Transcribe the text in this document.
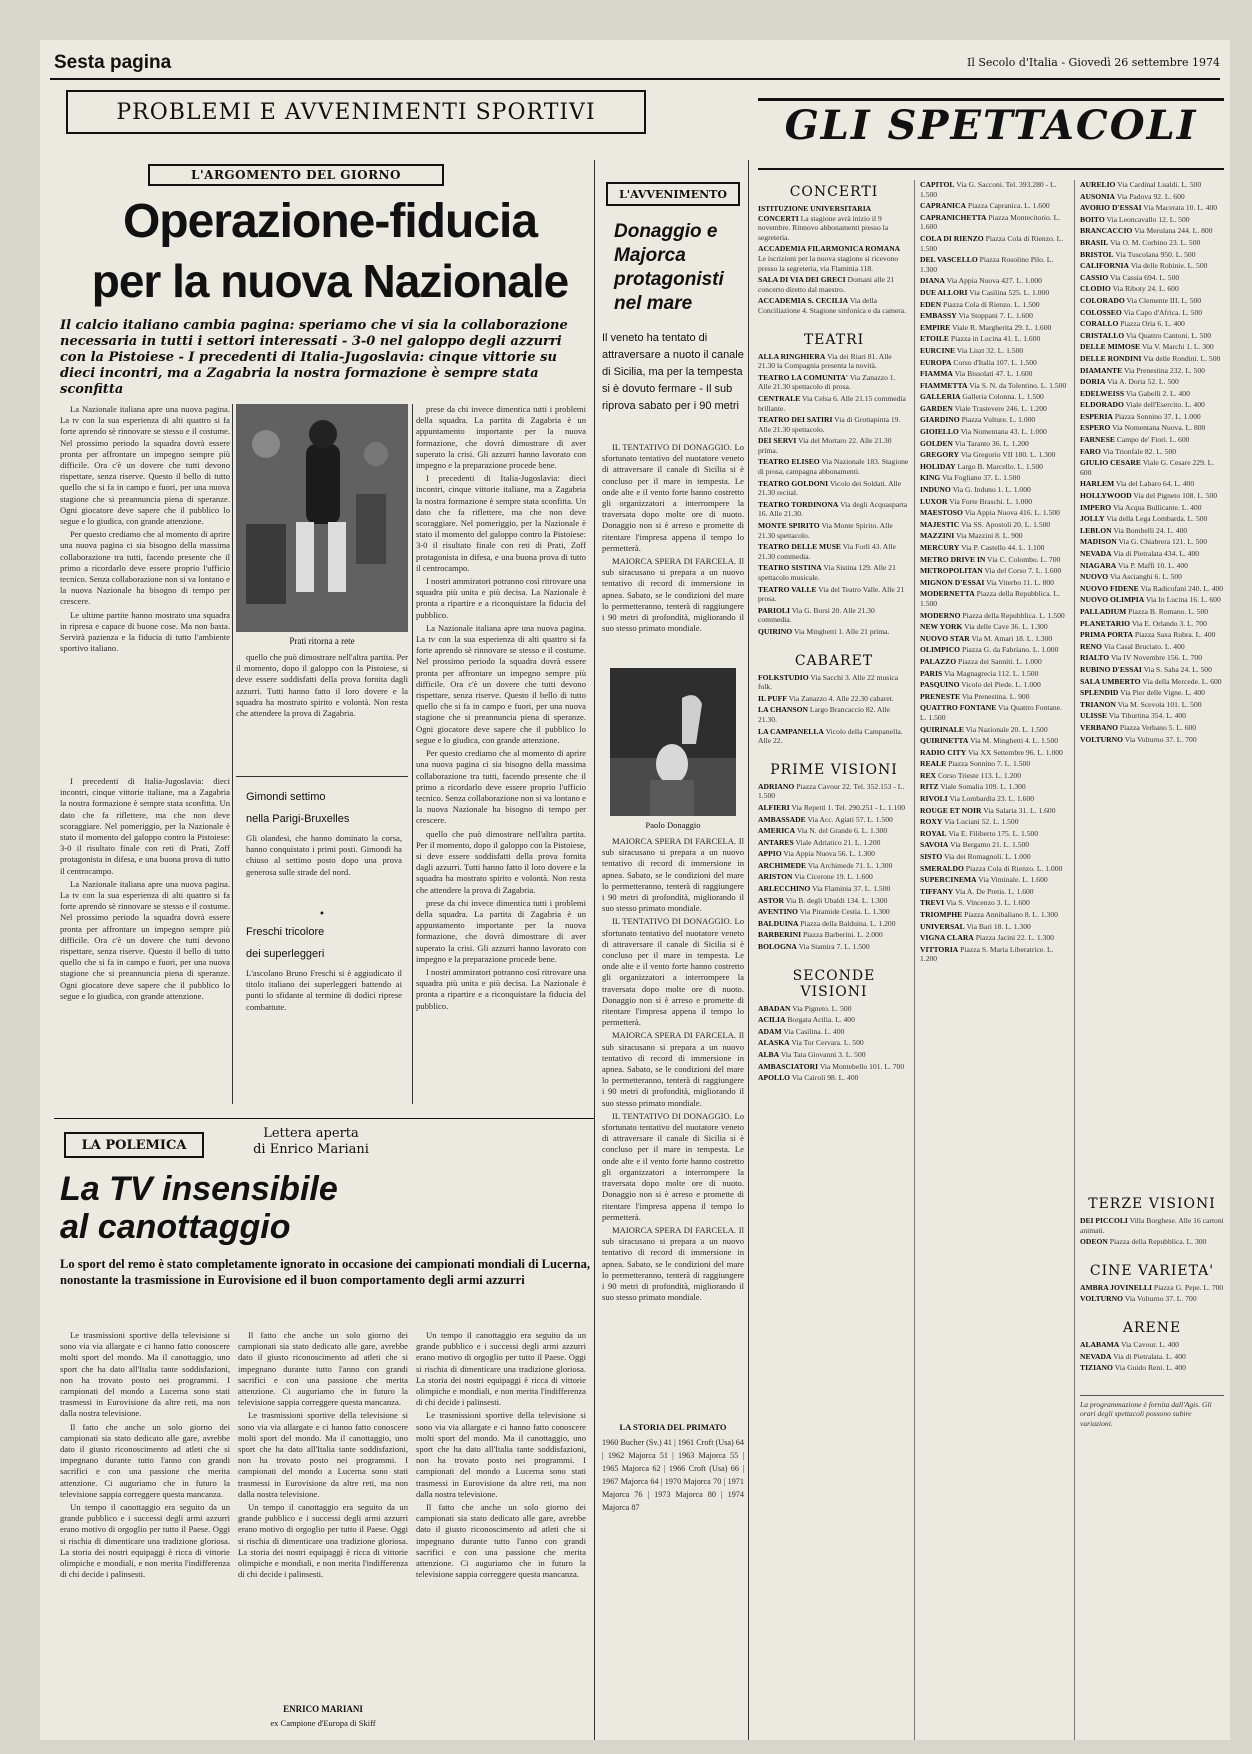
Sesta pagina	Il Secolo d'Italia - Giovedì 26 settembre 1974
PROBLEMI E AVVENIMENTI SPORTIVI
L'ARGOMENTO DEL GIORNO
Operazione-fiducia
per la nuova Nazionale
Il calcio italiano cambia pagina: speriamo che vi sia la collaborazione necessaria in tutti i settori interessati - 3-0 nel galoppo degli azzurri con la Pistoiese - I precedenti di Italia-Jugoslavia: cinque vittorie su dieci incontri, ma a Zagabria la nostra formazione è sempre stata sconfitta

La Nazionale italiana apre una nuova pagina. La tv con la sua esperienza di alti quattro si fa forte aprendo sè rinnovare se stesso e il costume. Nel prossimo periodo la squadra dovrà essere pronta per affrontare un impegno sempre più difficile. Ora c'è un dovere che tutti devono rispettare, senza riserve. Questo il bello di tutto quello che si fa in campo e fuori, per una nuova stagione che si preannuncia piena di speranze. Ogni giocatore deve sapere che il pubblico lo segue e lo giudica, con grande attenzione.

Per questo crediamo che al momento di aprire una nuova pagina ci sia bisogno della massima collaborazione tra tutti, facendo presente che il primo a ricordarlo deve essere proprio l'ufficio tecnico. Senza collaborazione non si va lontano e la nuova Nazionale ha bisogno di tempo per crescere.

Le ultime partite hanno mostrato una squadra in ripresa e capace di buone cose. Ma non basta. Servirà pazienza e la fiducia di tutto l'ambiente sportivo italiano.

I precedenti di Italia-Jugoslavia: dieci incontri, cinque vittorie italiane, ma a Zagabria la nostra formazione è sempre stata sconfitta. Un dato che fa riflettere, ma che non deve scoraggiare. Nel pomeriggio, per la Nazionale è stato il momento del galoppo contro la Pistoiese: 3-0 il risultato finale con reti di Prati, Zoff protagonista in difesa, e una buona prova di tutto il centrocampo.

La Nazionale italiana apre una nuova pagina. La tv con la sua esperienza di alti quattro si fa forte aprendo sè rinnovare se stesso e il costume. Nel prossimo periodo la squadra dovrà essere pronta per affrontare un impegno sempre più difficile. Ora c'è un dovere che tutti devono rispettare, senza riserve. Questo il bello di tutto quello che si fa in campo e fuori, per una nuova stagione che si preannuncia piena di speranze. Ogni giocatore deve sapere che il pubblico lo segue e lo giudica, con grande attenzione.

Prati ritorna a rete

quello che può dimostrare nell'altra partita. Per il momento, dopo il galoppo con la Pistoiese, si deve essere soddisfatti della prova fornita dagli azzurri. Tutti hanno fatto il loro dovere e la squadra ha mostrato spirito e volontà. Non resta che attendere la prova di Zagabria.

Gimondi settimo
nella Parigi-Bruxelles
Gli olandesi, che hanno dominato la corsa, hanno conquistato i primi posti. Gimondi ha chiuso al settimo posto dopo una prova generosa sulle strade del nord.
•
Freschi tricolore
dei superleggeri
L'ascolano Bruno Freschi si è aggiudicato il titolo italiano dei superleggeri battendo ai punti lo sfidante al termine di dodici riprese combattute.

prese da chi invece dimentica tutti i problemi della squadra. La partita di Zagabria è un appuntamento importante per la nuova formazione, che dovrà dimostrare di aver superato la crisi. Gli azzurri hanno lavorato con impegno e la preparazione procede bene.

I precedenti di Italia-Jugoslavia: dieci incontri, cinque vittorie italiane, ma a Zagabria la nostra formazione è sempre stata sconfitta. Un dato che fa riflettere, ma che non deve scoraggiare. Nel pomeriggio, per la Nazionale è stato il momento del galoppo contro la Pistoiese: 3-0 il risultato finale con reti di Prati, Zoff protagonista in difesa, e una buona prova di tutto il centrocampo.

I nostri ammiratori potranno così ritrovare una squadra più unita e più decisa. La Nazionale è pronta a ripartire e a riconquistare la fiducia del pubblico.

La Nazionale italiana apre una nuova pagina. La tv con la sua esperienza di alti quattro si fa forte aprendo sè rinnovare se stesso e il costume. Nel prossimo periodo la squadra dovrà essere pronta per affrontare un impegno sempre più difficile. Ora c'è un dovere che tutti devono rispettare, senza riserve. Questo il bello di tutto quello che si fa in campo e fuori, per una nuova stagione che si preannuncia piena di speranze. Ogni giocatore deve sapere che il pubblico lo segue e lo giudica, con grande attenzione.

Per questo crediamo che al momento di aprire una nuova pagina ci sia bisogno della massima collaborazione tra tutti, facendo presente che il primo a ricordarlo deve essere proprio l'ufficio tecnico. Senza collaborazione non si va lontano e la nuova Nazionale ha bisogno di tempo per crescere.

quello che può dimostrare nell'altra partita. Per il momento, dopo il galoppo con la Pistoiese, si deve essere soddisfatti della prova fornita dagli azzurri. Tutti hanno fatto il loro dovere e la squadra ha mostrato spirito e volontà. Non resta che attendere la prova di Zagabria.

prese da chi invece dimentica tutti i problemi della squadra. La partita di Zagabria è un appuntamento importante per la nuova formazione, che dovrà dimostrare di aver superato la crisi. Gli azzurri hanno lavorato con impegno e la preparazione procede bene.

I nostri ammiratori potranno così ritrovare una squadra più unita e più decisa. La Nazionale è pronta a ripartire e a riconquistare la fiducia del pubblico.

L'AVVENIMENTO
Donaggio e Majorca protagonisti nel mare
Il veneto ha tentato di attraversare a nuoto il canale di Sicilia, ma per la tempesta si è dovuto fermare - Il sub riprova sabato per i 90 metri

IL TENTATIVO DI DONAGGIO. Lo sfortunato tentativo del nuotatore veneto di attraversare il canale di Sicilia si è concluso per il mare in tempesta. Le onde alte e il vento forte hanno costretto gli organizzatori a interrompere la traversata dopo molte ore di nuoto. Donaggio non si è arreso e promette di ritentare l'impresa appena il tempo lo permetterà.

MAIORCA SPERA DI FARCELA. Il sub siracusano si prepara a un nuovo tentativo di record di immersione in apnea. Sabato, se le condizioni del mare lo permetteranno, tenterà di raggiungere i 90 metri di profondità, migliorando il suo stesso primato mondiale.

Paolo Donaggio

MAIORCA SPERA DI FARCELA. Il sub siracusano si prepara a un nuovo tentativo di record di immersione in apnea. Sabato, se le condizioni del mare lo permetteranno, tenterà di raggiungere i 90 metri di profondità, migliorando il suo stesso primato mondiale.

IL TENTATIVO DI DONAGGIO. Lo sfortunato tentativo del nuotatore veneto di attraversare il canale di Sicilia si è concluso per il mare in tempesta. Le onde alte e il vento forte hanno costretto gli organizzatori a interrompere la traversata dopo molte ore di nuoto. Donaggio non si è arreso e promette di ritentare l'impresa appena il tempo lo permetterà.

MAIORCA SPERA DI FARCELA. Il sub siracusano si prepara a un nuovo tentativo di record di immersione in apnea. Sabato, se le condizioni del mare lo permetteranno, tenterà di raggiungere i 90 metri di profondità, migliorando il suo stesso primato mondiale.

IL TENTATIVO DI DONAGGIO. Lo sfortunato tentativo del nuotatore veneto di attraversare il canale di Sicilia si è concluso per il mare in tempesta. Le onde alte e il vento forte hanno costretto gli organizzatori a interrompere la traversata dopo molte ore di nuoto. Donaggio non si è arreso e promette di ritentare l'impresa appena il tempo lo permetterà.

MAIORCA SPERA DI FARCELA. Il sub siracusano si prepara a un nuovo tentativo di record di immersione in apnea. Sabato, se le condizioni del mare lo permetteranno, tenterà di raggiungere i 90 metri di profondità, migliorando il suo stesso primato mondiale.

LA STORIA DEL PRIMATO
1960 Bucher (Sv.) 41 | 1961 Croft (Usa) 64 | 1962 Majorca 51 | 1963 Majorca 55 | 1965 Majorca 62 | 1966 Croft (Usa) 66 | 1967 Majorca 64 | 1970 Majorca 70 | 1971 Majorca 76 | 1973 Majorca 80 | 1974 Majorca 87
LA POLEMICA
Lettera aperta
di Enrico Mariani
La TV insensibile
al canottaggio
Lo sport del remo è stato completamente ignorato in occasione dei campionati mondiali di Lucerna, nonostante la trasmissione in Eurovisione ed il buon comportamento degli armi azzurri

Le trasmissioni sportive della televisione si sono via via allargate e ci hanno fatto conoscere molti sport del mondo. Ma il canottaggio, uno sport che ha dato all'Italia tante soddisfazioni, non ha trovato posto nei programmi. I campionati del mondo a Lucerna sono stati trasmessi in Eurovisione da altre reti, ma non dalla nostra televisione.

Il fatto che anche un solo giorno dei campionati sia stato dedicato alle gare, avrebbe dato il giusto riconoscimento ad atleti che si impegnano durante tutto l'anno con grandi sacrifici e con una passione che merita attenzione. Ci auguriamo che in futuro la televisione sappia correggere questa mancanza.

Un tempo il canottaggio era seguito da un grande pubblico e i successi degli armi azzurri erano motivo di orgoglio per tutto il Paese. Oggi si rischia di dimenticare una tradizione gloriosa. La storia dei nostri equipaggi è ricca di vittorie olimpiche e mondiali, e non merita l'indifferenza di chi decide i palinsesti.

Il fatto che anche un solo giorno dei campionati sia stato dedicato alle gare, avrebbe dato il giusto riconoscimento ad atleti che si impegnano durante tutto l'anno con grandi sacrifici e con una passione che merita attenzione. Ci auguriamo che in futuro la televisione sappia correggere questa mancanza.

Le trasmissioni sportive della televisione si sono via via allargate e ci hanno fatto conoscere molti sport del mondo. Ma il canottaggio, uno sport che ha dato all'Italia tante soddisfazioni, non ha trovato posto nei programmi. I campionati del mondo a Lucerna sono stati trasmessi in Eurovisione da altre reti, ma non dalla nostra televisione.

Un tempo il canottaggio era seguito da un grande pubblico e i successi degli armi azzurri erano motivo di orgoglio per tutto il Paese. Oggi si rischia di dimenticare una tradizione gloriosa. La storia dei nostri equipaggi è ricca di vittorie olimpiche e mondiali, e non merita l'indifferenza di chi decide i palinsesti.

ENRICO MARIANI
ex Campione d'Europa di Skiff

Un tempo il canottaggio era seguito da un grande pubblico e i successi degli armi azzurri erano motivo di orgoglio per tutto il Paese. Oggi si rischia di dimenticare una tradizione gloriosa. La storia dei nostri equipaggi è ricca di vittorie olimpiche e mondiali, e non merita l'indifferenza di chi decide i palinsesti.

Le trasmissioni sportive della televisione si sono via via allargate e ci hanno fatto conoscere molti sport del mondo. Ma il canottaggio, uno sport che ha dato all'Italia tante soddisfazioni, non ha trovato posto nei programmi. I campionati del mondo a Lucerna sono stati trasmessi in Eurovisione da altre reti, ma non dalla nostra televisione.

Il fatto che anche un solo giorno dei campionati sia stato dedicato alle gare, avrebbe dato il giusto riconoscimento ad atleti che si impegnano durante tutto l'anno con grandi sacrifici e con una passione che merita attenzione. Ci auguriamo che in futuro la televisione sappia correggere questa mancanza.

GLI SPETTACOLI
CONCERTI
ISTITUZIONE UNIVERSITARIA CONCERTI La stagione avrà inizio il 9 novembre. Rinnovo abbonamenti presso la segreteria.
ACCADEMIA FILARMONICA ROMANA Le iscrizioni per la nuova stagione si ricevono presso la segreteria, via Flaminia 118.
SALA DI VIA DEI GRECI Domani alle 21 concerto diretto dal maestro.
ACCADEMIA S. CECILIA Via della Conciliazione 4. Stagione sinfonica e da camera.
TEATRI
ALLA RINGHIERA Via dei Riari 81. Alle 21.30 la Compagnia presenta la novità.
TEATRO LA COMUNITA' Via Zanazzo 1. Alle 21.30 spettacolo di prosa.
CENTRALE Via Celsa 6. Alle 21.15 commedia brillante.
TEATRO DEI SATIRI Via di Grottapinta 19. Alle 21.30 spettacolo.
DEI SERVI Via del Mortaro 22. Alle 21.30 prima.
TEATRO ELISEO Via Nazionale 183. Stagione di prosa, campagna abbonamenti.
TEATRO GOLDONI Vicolo dei Soldati. Alle 21.30 recital.
TEATRO TORDINONA Via degli Acquasparta 16. Alle 21.30.
MONTE SPIRITO Via Monte Spirito. Alle 21.30 spettacolo.
TEATRO DELLE MUSE Via Forlì 43. Alle 21.30 commedia.
TEATRO SISTINA Via Sistina 129. Alle 21 spettacolo musicale.
TEATRO VALLE Via del Teatro Valle. Alle 21 prosa.
PARIOLI Via G. Borsi 20. Alle 21.30 commedia.
QUIRINO Via Minghetti 1. Alle 21 prima.
CABARET
FOLKSTUDIO Via Sacchi 3. Alle 22 musica folk.
IL PUFF Via Zanazzo 4. Alle 22.30 cabaret.
LA CHANSON Largo Brancaccio 82. Alle 21.30.
LA CAMPANELLA Vicolo della Campanella. Alle 22.
PRIME VISIONI
ADRIANO Piazza Cavour 22. Tel. 352.153 - L. 1.500
ALFIERI Via Repetti 1. Tel. 290.251 - L. 1.100
AMBASSADE Via Acc. Agiati 57. L. 1.500
AMERICA Via N. del Grande 6. L. 1.300
ANTARES Viale Adriatico 21. L. 1.200
APPIO Via Appia Nuova 56. L. 1.300
ARCHIMEDE Via Archimede 71. L. 1.300
ARISTON Via Cicerone 19. L. 1.600
ARLECCHINO Via Flaminia 37. L. 1.500
ASTOR Via B. degli Ubaldi 134. L. 1.300
AVENTINO Via Piramide Cestia. L. 1.300
BALDUINA Piazza della Balduina. L. 1.200
BARBERINI Piazza Barberini. L. 2.000
BOLOGNA Via Stamira 7. L. 1.500
SECONDE VISIONI
ABADAN Via Pigneto. L. 500
ACILIA Borgata Acilia. L. 400
ADAM Via Casilina. L. 400
ALASKA Via Tor Cervara. L. 500
ALBA Via Tata Giovanni 3. L. 500
AMBASCIATORI Via Montebello 101. L. 700
APOLLO Via Cairoli 98. L. 400
CAPITOL Via G. Sacconi. Tel. 393.280 - L. 1.500
CAPRANICA Piazza Capranica. L. 1.600
CAPRANICHETTA Piazza Montecitorio. L. 1.600
COLA DI RIENZO Piazza Cola di Rienzo. L. 1.500
DEL VASCELLO Piazza Rosolino Pilo. L. 1.300
DIANA Via Appia Nuova 427. L. 1.000
DUE ALLORI Via Casilina 525. L. 1.000
EDEN Piazza Cola di Rienzo. L. 1.500
EMBASSY Via Stoppani 7. L. 1.600
EMPIRE Viale R. Margherita 29. L. 1.600
ETOILE Piazza in Lucina 41. L. 1.600
EURCINE Via Liszt 32. L. 1.500
EUROPA Corso d'Italia 107. L. 1.500
FIAMMA Via Bissolati 47. L. 1.600
FIAMMETTA Via S. N. da Tolentino. L. 1.500
GALLERIA Galleria Colonna. L. 1.500
GARDEN Viale Trastevere 246. L. 1.200
GIARDINO Piazza Vulture. L. 1.000
GIOIELLO Via Nomentana 43. L. 1.000
GOLDEN Via Taranto 36. L. 1.200
GREGORY Via Gregorio VII 180. L. 1.300
HOLIDAY Largo B. Marcello. L. 1.500
KING Via Fogliano 37. L. 1.500
INDUNO Via G. Induno 1. L. 1.000
LUXOR Via Forte Braschi. L. 1.000
MAESTOSO Via Appia Nuova 416. L. 1.500
MAJESTIC Via SS. Apostoli 20. L. 1.500
MAZZINI Via Mazzini 8. L. 900
MERCURY Via P. Castello 44. L. 1.100
METRO DRIVE IN Via C. Colombo. L. 700
METROPOLITAN Via del Corso 7. L. 1.600
MIGNON D'ESSAI Via Viterbo 11. L. 800
MODERNETTA Piazza della Repubblica. L. 1.500
MODERNO Piazza della Repubblica. L. 1.500
NEW YORK Via delle Cave 36. L. 1.300
NUOVO STAR Via M. Amari 18. L. 1.300
OLIMPICO Piazza G. da Fabriano. L. 1.000
PALAZZO Piazza dei Sanniti. L. 1.000
PARIS Via Magnagrecia 112. L. 1.500
PASQUINO Vicolo del Piede. L. 1.000
PRENESTE Via Prenestina. L. 900
QUATTRO FONTANE Via Quattro Fontane. L. 1.500
QUIRINALE Via Nazionale 20. L. 1.500
QUIRINETTA Via M. Minghetti 4. L. 1.500
RADIO CITY Via XX Settembre 96. L. 1.000
REALE Piazza Sonnino 7. L. 1.500
REX Corso Trieste 113. L. 1.200
RITZ Viale Somalia 109. L. 1.300
RIVOLI Via Lombardia 23. L. 1.600
ROUGE ET NOIR Via Salaria 31. L. 1.600
ROXY Via Luciani 52. L. 1.500
ROYAL Via E. Filiberto 175. L. 1.500
SAVOIA Via Bergamo 21. L. 1.500
SISTO Via dei Romagnoli. L. 1.000
SMERALDO Piazza Cola di Rienzo. L. 1.000
SUPERCINEMA Via Viminale. L. 1.600
TIFFANY Via A. De Pretis. L. 1.600
TREVI Via S. Vincenzo 3. L. 1.600
TRIOMPHE Piazza Annibaliano 8. L. 1.300
UNIVERSAL Via Bari 18. L. 1.300
VIGNA CLARA Piazza Jacini 22. L. 1.300
VITTORIA Piazza S. Maria Liberatrice. L. 1.200
AURELIO Via Cardinal Lualdi. L. 500
AUSONIA Via Padova 92. L. 600
AVORIO D'ESSAI Via Macerata 10. L. 400
BOITO Via Leoncavallo 12. L. 500
BRANCACCIO Via Merulana 244. L. 800
BRASIL Via O. M. Corbino 23. L. 500
BRISTOL Via Tuscolana 950. L. 500
CALIFORNIA Via delle Robinie. L. 500
CASSIO Via Cassia 694. L. 500
CLODIO Via Riboty 24. L. 600
COLORADO Via Clemente III. L. 500
COLOSSEO Via Capo d'Africa. L. 500
CORALLO Piazza Oria 6. L. 400
CRISTALLO Via Quattro Cantoni. L. 500
DELLE MIMOSE Via V. Marchi 1. L. 300
DELLE RONDINI Via delle Rondini. L. 500
DIAMANTE Via Prenestina 232. L. 500
DORIA Via A. Doria 52. L. 500
EDELWEISS Via Gabelli 2. L. 400
ELDORADO Viale dell'Esercito. L. 400
ESPERIA Piazza Sonnino 37. L. 1.000
ESPERO Via Nomentana Nuova. L. 800
FARNESE Campo de' Fiori. L. 600
FARO Via Trionfale 82. L. 500
GIULIO CESARE Viale G. Cesare 229. L. 600
HARLEM Via del Labaro 64. L. 400
HOLLYWOOD Via del Pigneto 108. L. 500
IMPERO Via Acqua Bullicante. L. 400
JOLLY Via della Lega Lombarda. L. 500
LEBLON Via Bombelli 24. L. 400
MADISON Via G. Chiabrera 121. L. 500
NEVADA Via di Pietralata 434. L. 400
NIAGARA Via P. Maffi 10. L. 400
NUOVO Via Ascianghi 6. L. 500
NUOVO FIDENE Via Radicofani 240. L. 400
NUOVO OLIMPIA Via In Lucina 16. L. 600
PALLADIUM Piazza B. Romano. L. 500
PLANETARIO Via E. Orlando 3. L. 700
PRIMA PORTA Piazza Saxa Rubra. L. 400
RENO Via Casal Bruciato. L. 400
RIALTO Via IV Novembre 156. L. 700
RUBINO D'ESSAI Via S. Saba 24. L. 500
SALA UMBERTO Via della Mercede. L. 600
SPLENDID Via Pier delle Vigne. L. 400
TRIANON Via M. Scevola 101. L. 500
ULISSE Via Tiburtina 354. L. 400
VERBANO Piazza Verbano 5. L. 600
VOLTURNO Via Volturno 37. L. 700
TERZE VISIONI
DEI PICCOLI Villa Borghese. Alle 16 cartoni animati.
ODEON Piazza della Repubblica. L. 300
CINE VARIETA'
AMBRA JOVINELLI Piazza G. Pepe. L. 700
VOLTURNO Via Volturno 37. L. 700
ARENE
ALABAMA Via Cavour. L. 400
NEVADA Via di Pietralata. L. 400
TIZIANO Via Guido Reni. L. 400
La programmazione è fornita dall'Agis. Gli orari degli spettacoli possono subire variazioni.
